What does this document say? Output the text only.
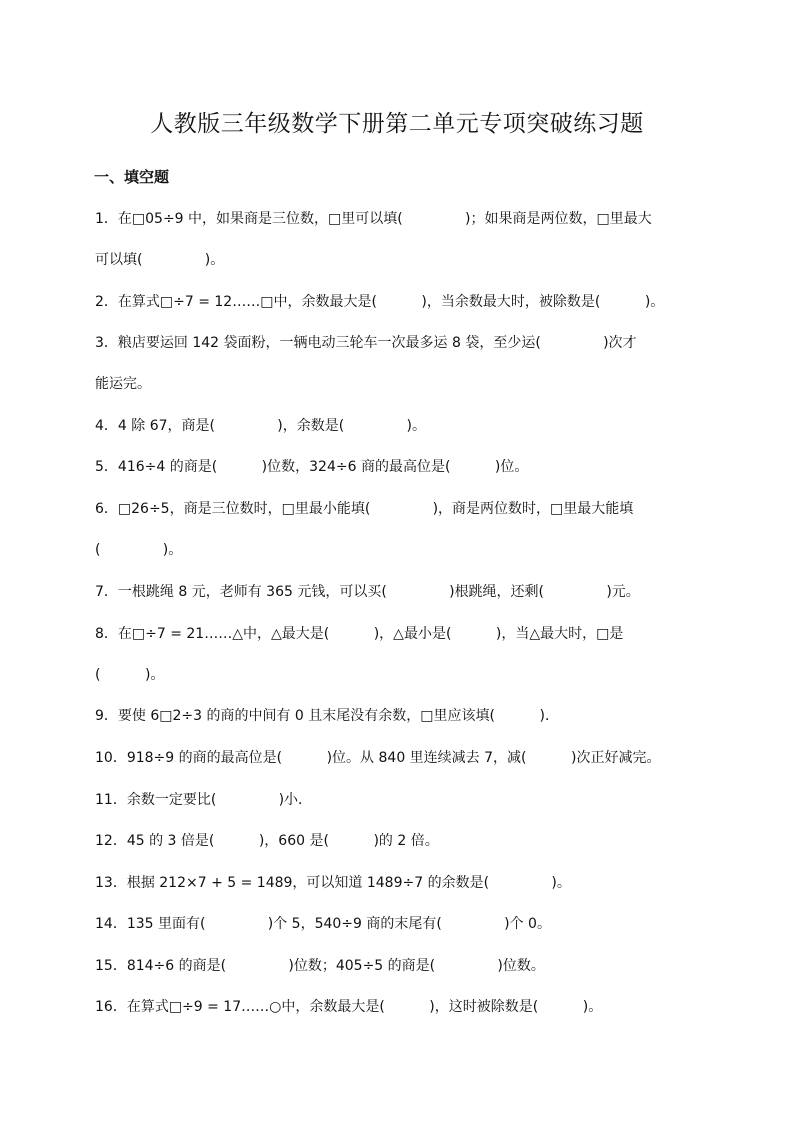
人教版三年级数学下册第二单元专项突破练习题
一、填空题
1．在□05÷9 中，如果商是三位数，□里可以填(              )；如果商是两位数，□里最大
可以填(              )。
2．在算式□÷7 = 12……□中，余数最大是(          )，当余数最大时，被除数是(          )。
3．粮店要运回 142 袋面粉，一辆电动三轮车一次最多运 8 袋，至少运(              )次才
能运完。
4．4 除 67，商是(              )，余数是(              )。
5．416÷4 的商是(          )位数，324÷6 商的最高位是(          )位。
6．□26÷5，商是三位数时，□里最小能填(              )，商是两位数时，□里最大能填
(              )。
7．一根跳绳 8 元，老师有 365 元钱，可以买(              )根跳绳，还剩(              )元。
8．在□÷7 = 21……△中，△最大是(          )，△最小是(          )，当△最大时，□是
(          )。
9．要使 6□2÷3 的商的中间有 0 且末尾没有余数，□里应该填(          )．
10．918÷9 的商的最高位是(          )位。从 840 里连续减去 7，减(          )次正好减完。
11．余数一定要比(              )小．
12．45 的 3 倍是(          )，660 是(          )的 2 倍。
13．根据 212×7 + 5 = 1489，可以知道 1489÷7 的余数是(              )。
14．135 里面有(              )个 5，540÷9 商的末尾有(              )个 0。
15．814÷6 的商是(              )位数；405÷5 的商是(              )位数。
16．在算式□÷9 = 17……○中，余数最大是(          )，这时被除数是(          )。
